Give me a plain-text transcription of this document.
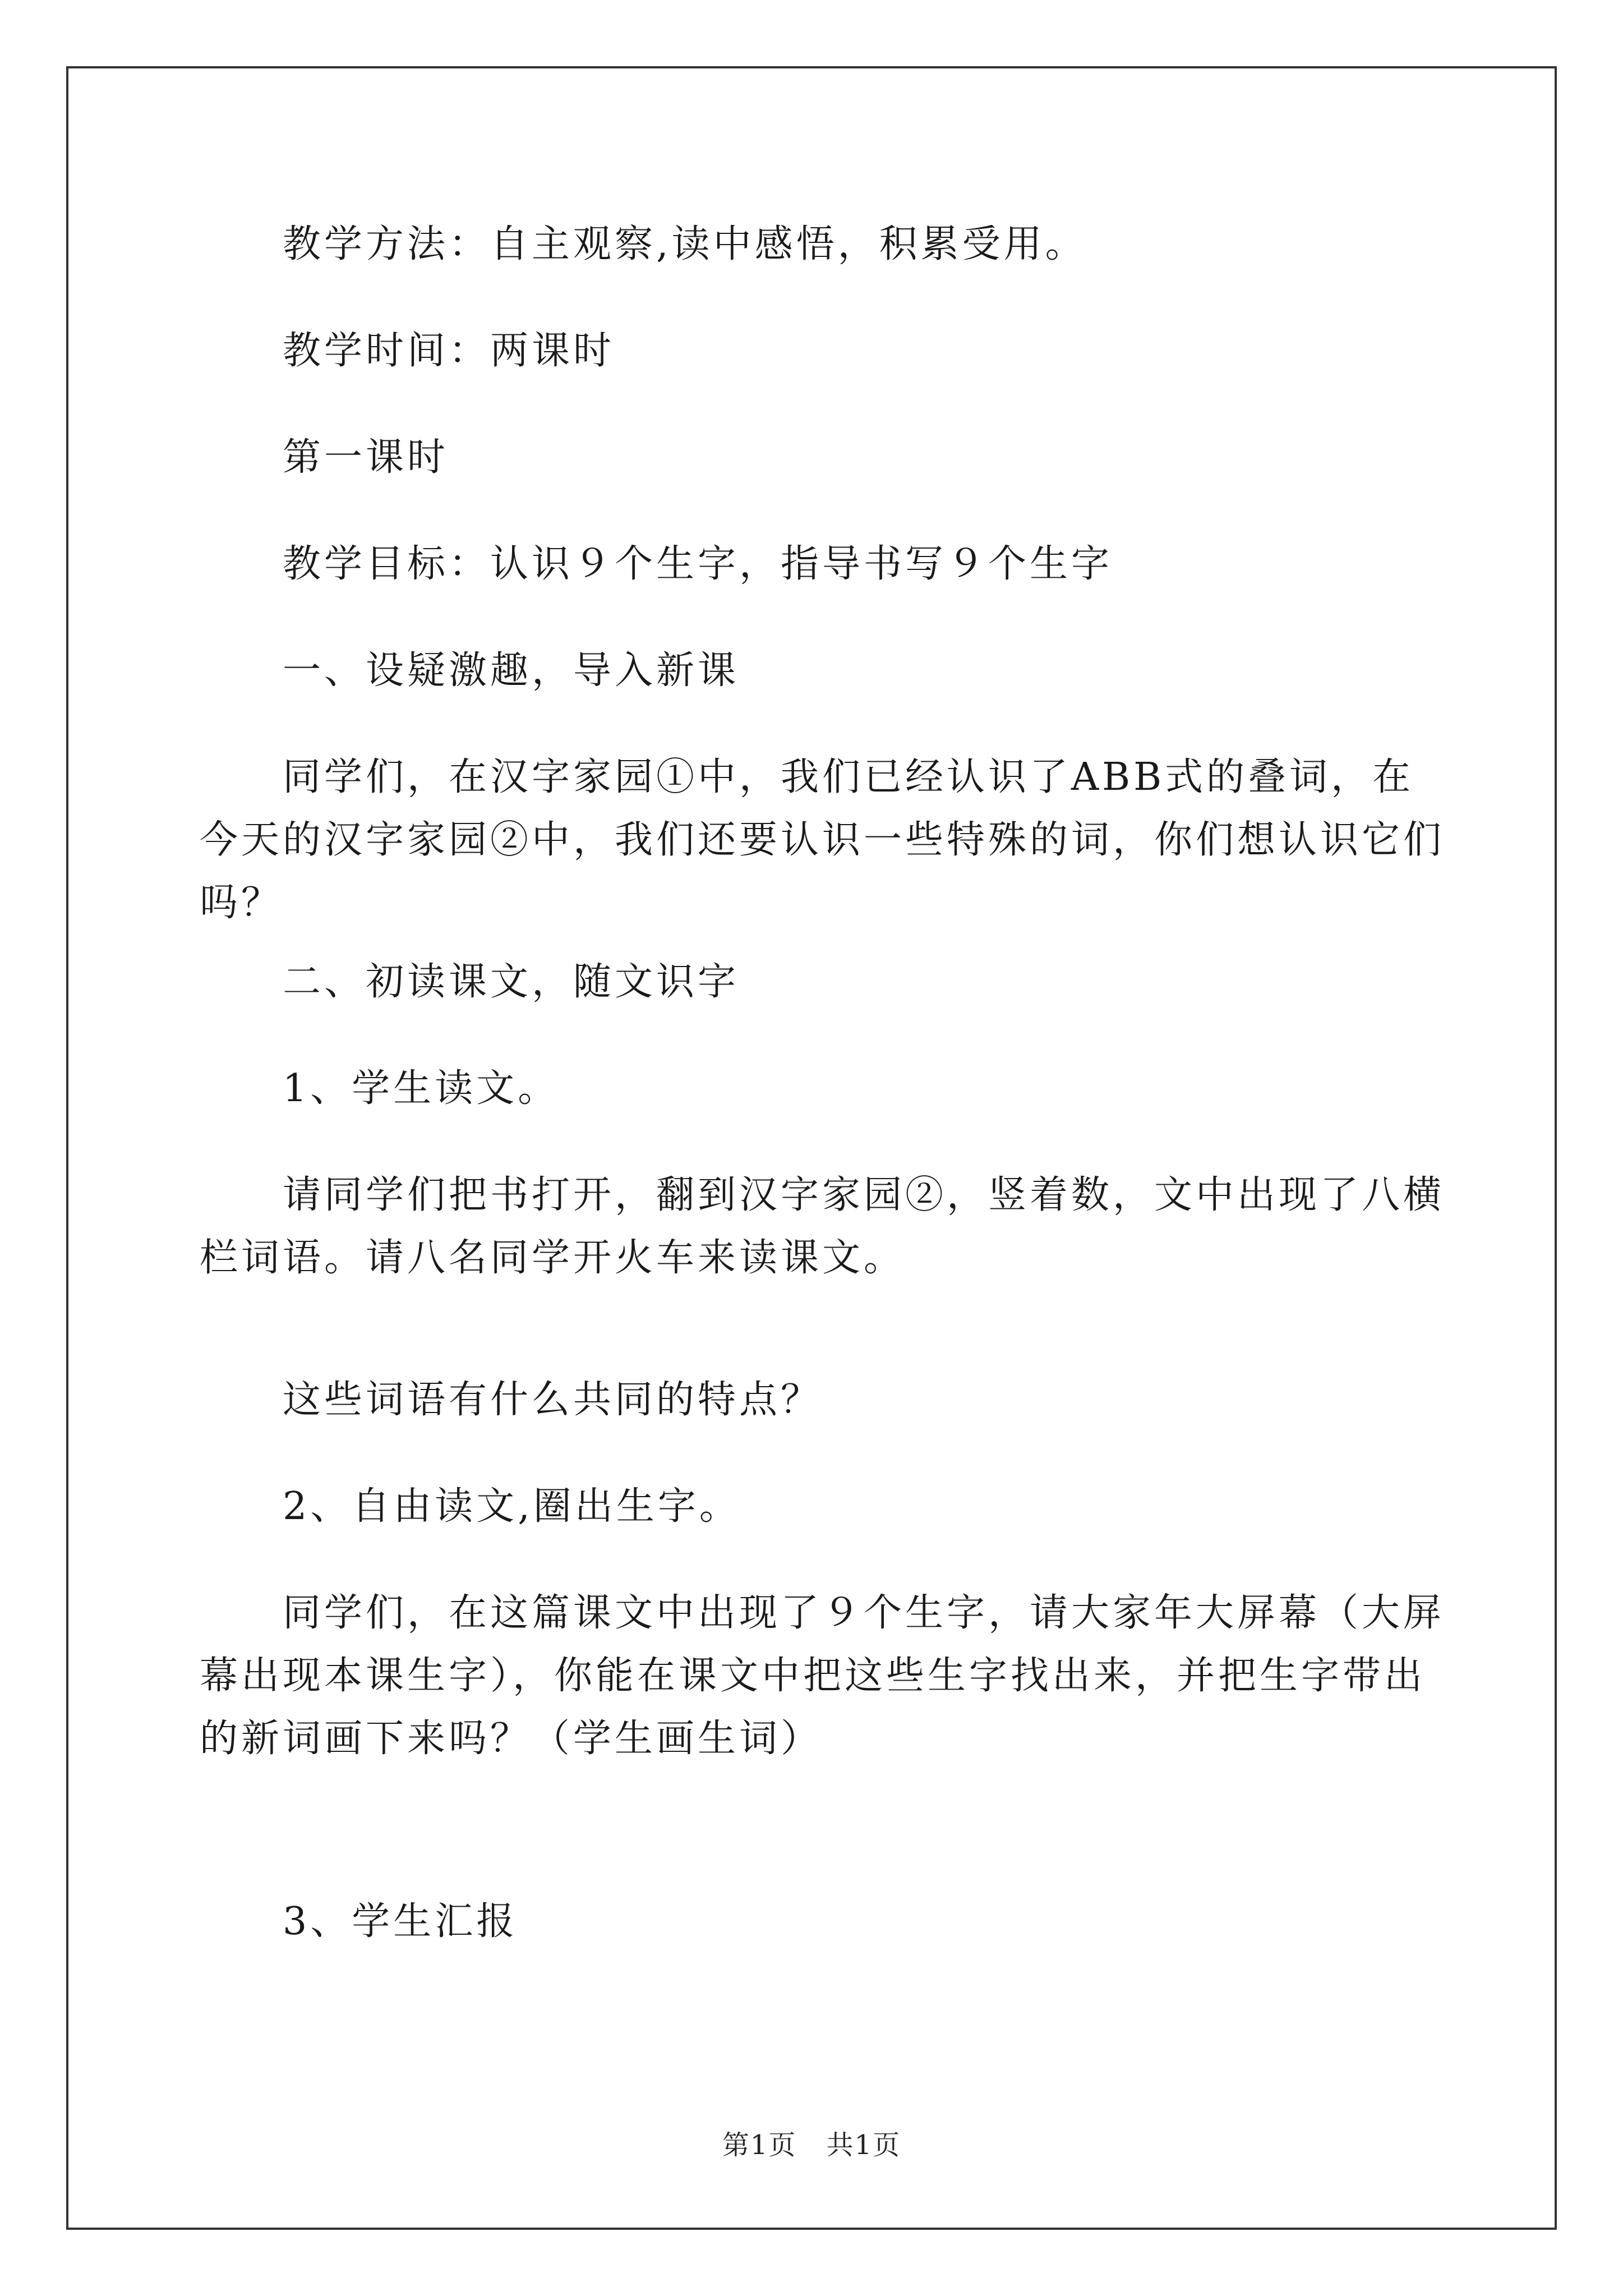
教学方法：自主观察,读中感悟，积累受用。
教学时间：两课时
第一课时
教学目标：认识９个生字，指导书写９个生字
一、设疑激趣，导入新课
同学们，在汉字家园①中，我们已经认识了ABB式的叠词，在今天的汉字家园②中，我们还要认识一些特殊的词，你们想认识它们吗？
二、初读课文，随文识字
1、学生读文。
请同学们把书打开，翻到汉字家园②，竖着数，文中出现了八横栏词语。请八名同学开火车来读课文。
这些词语有什么共同的特点？
2、自由读文,圈出生字。
同学们，在这篇课文中出现了９个生字，请大家年大屏幕（大屏幕出现本课生字），你能在课文中把这些生字找出来，并把生字带出的新词画下来吗？（学生画生词）
3、学生汇报
第1页 共1页
